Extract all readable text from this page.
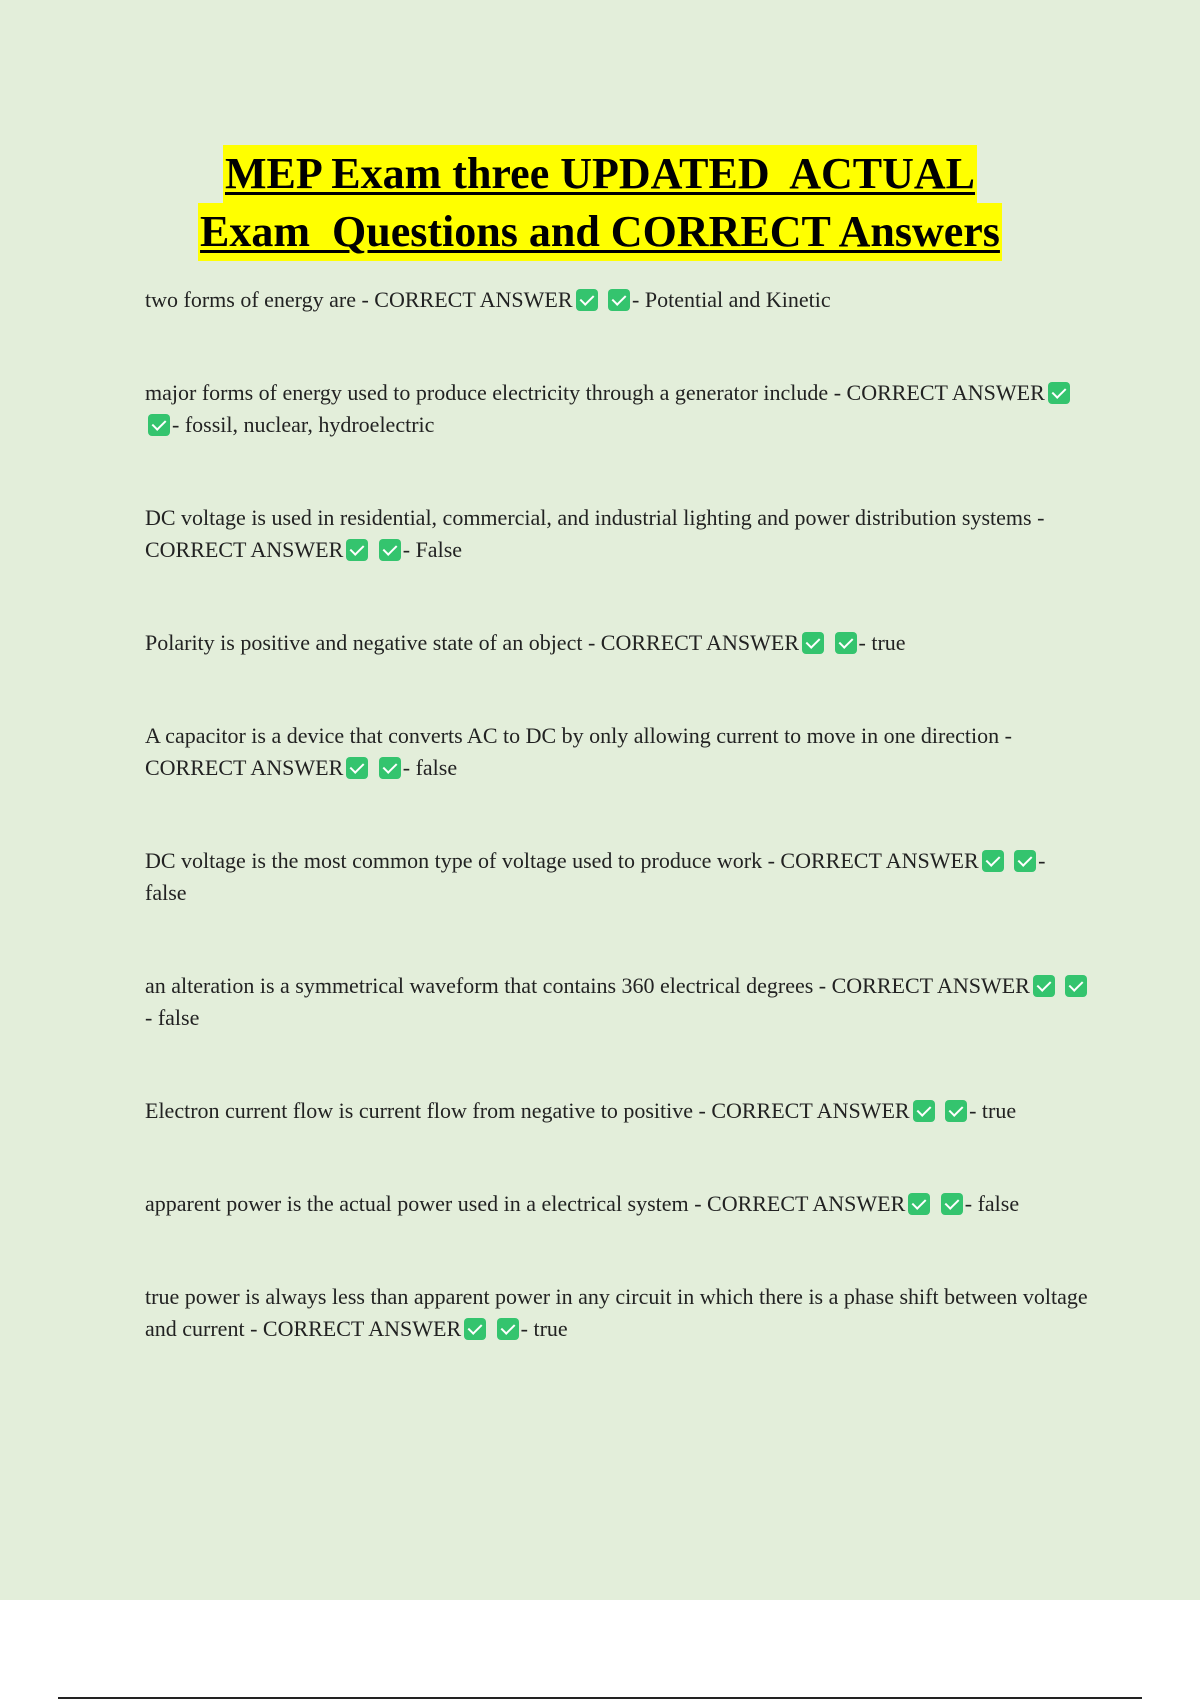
MEP Exam three UPDATED  ACTUAL
Exam  Questions and CORRECT Answers

two forms of energy are - CORRECT ANSWER	- Potential and Kinetic

major forms of energy used to produce electricity through a generator include - CORRECT ANSWER - fossil, nuclear, hydroelectric

DC voltage is used in residential, commercial, and industrial lighting and power distribution systems - CORRECT ANSWER	- False

Polarity is positive and negative state of an object - CORRECT ANSWER	- true

A capacitor is a device that converts AC to DC by only allowing current to move in one direction - CORRECT ANSWER	- false

DC voltage is the most common type of voltage used to produce work - CORRECT ANSWER	- false

an alteration is a symmetrical waveform that contains 360 electrical degrees - CORRECT ANSWER - false

Electron current flow is current flow from negative to positive - CORRECT ANSWER	- true

apparent power is the actual power used in a electrical system - CORRECT ANSWER	- false

true power is always less than apparent power in any circuit in which there is a phase shift between voltage and current - CORRECT ANSWER	- true
